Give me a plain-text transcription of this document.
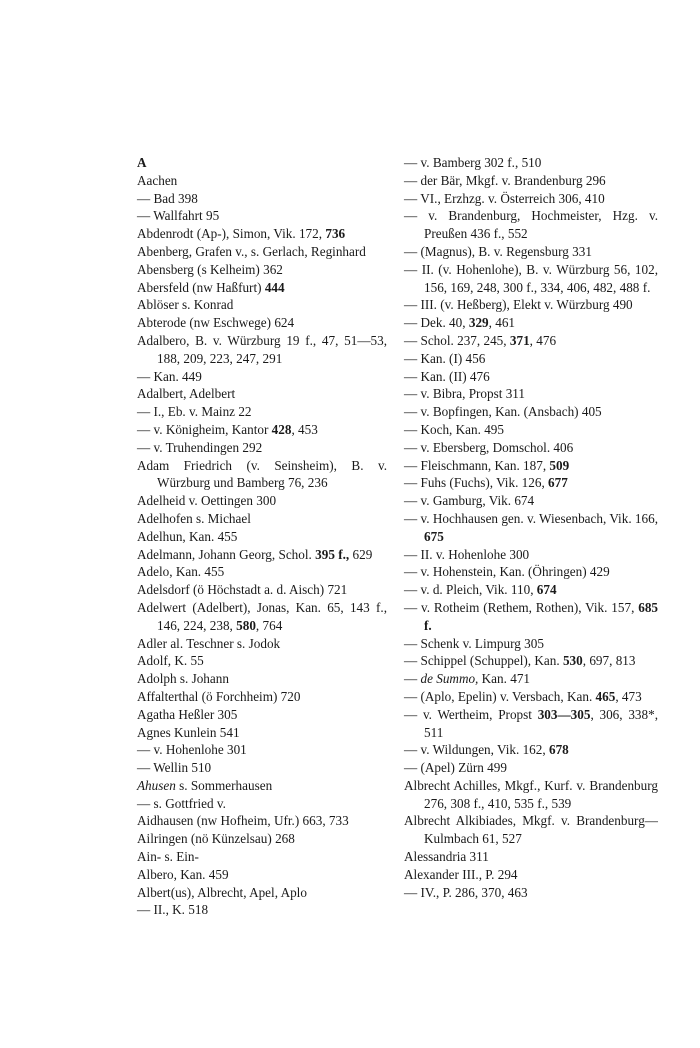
A

Aachen

— Bad 398

— Wallfahrt 95

Abdenrodt (Ap-), Simon, Vik. 172, 736

Abenberg, Grafen v., s. Gerlach, Reginhard

Abensberg (s Kelheim) 362

Abersfeld (nw Haßfurt) 444

Ablöser s. Konrad

Abterode (nw Eschwege) 624

Adalbero, B. v. Würzburg 19 f., 47, 51—53, 188, 209, 223, 247, 291

— Kan. 449

Adalbert, Adelbert

— I., Eb. v. Mainz 22

— v. Königheim, Kantor 428, 453

— v. Truhendingen 292

Adam Friedrich (v. Seinsheim), B. v. Würzburg und Bamberg 76, 236

Adelheid v. Oettingen 300

Adelhofen s. Michael

Adelhun, Kan. 455

Adelmann, Johann Georg, Schol. 395 f., 629

Adelo, Kan. 455

Adelsdorf (ö Höchstadt a. d. Aisch) 721

Adelwert (Adelbert), Jonas, Kan. 65, 143 f., 146, 224, 238, 580, 764

Adler al. Teschner s. Jodok

Adolf, K. 55

Adolph s. Johann

Affalterthal (ö Forchheim) 720

Agatha Heßler 305

Agnes Kunlein 541

— v. Hohenlohe 301

— Wellin 510

Ahusen s. Sommerhausen

— s. Gottfried v.

Aidhausen (nw Hofheim, Ufr.) 663, 733

Ailringen (nö Künzelsau) 268

Ain- s. Ein-

Albero, Kan. 459

Albert(us), Albrecht, Apel, Aplo

— II., K. 518

— v. Bamberg 302 f., 510

— der Bär, Mkgf. v. Brandenburg 296

— VI., Erzhzg. v. Österreich 306, 410

— v. Brandenburg, Hochmeister, Hzg. v. Preußen 436 f., 552

— (Magnus), B. v. Regensburg 331

— II. (v. Hohenlohe), B. v. Würzburg 56, 102, 156, 169, 248, 300 f., 334, 406, 482, 488 f.

— III. (v. Heßberg), Elekt v. Würzburg 490

— Dek. 40, 329, 461

— Schol. 237, 245, 371, 476

— Kan. (I) 456

— Kan. (II) 476

— v. Bibra, Propst 311

— v. Bopfingen, Kan. (Ansbach) 405

— Koch, Kan. 495

— v. Ebersberg, Domschol. 406

— Fleischmann, Kan. 187, 509

— Fuhs (Fuchs), Vik. 126, 677

— v. Gamburg, Vik. 674

— v. Hochhausen gen. v. Wiesenbach, Vik. 166, 675

— II. v. Hohenlohe 300

— v. Hohenstein, Kan. (Öhringen) 429

— v. d. Pleich, Vik. 110, 674

— v. Rotheim (Rethem, Rothen), Vik. 157, 685 f.

— Schenk v. Limpurg 305

— Schippel (Schuppel), Kan. 530, 697, 813

— de Summo, Kan. 471

— (Aplo, Epelin) v. Versbach, Kan. 465, 473

— v. Wertheim, Propst 303—305, 306, 338*, 511

— v. Wildungen, Vik. 162, 678

— (Apel) Zürn 499

Albrecht Achilles, Mkgf., Kurf. v. Brandenburg 276, 308 f., 410, 535 f., 539

Albrecht Alkibiades, Mkgf. v. Brandenburg—Kulmbach 61, 527

Alessandria 311

Alexander III., P. 294

— IV., P. 286, 370, 463
